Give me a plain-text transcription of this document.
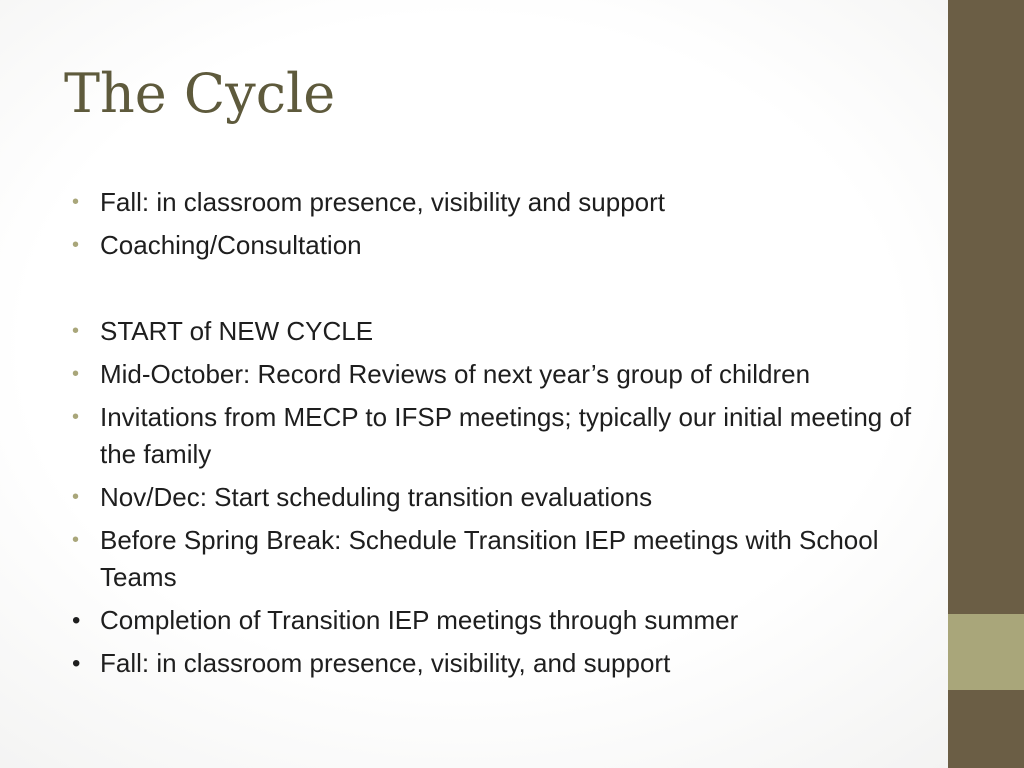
The Cycle
• Fall: in classroom presence, visibility and support
• Coaching/Consultation
• START of NEW CYCLE
• Mid-October: Record Reviews of next year’s group of children
• Invitations from MECP to IFSP meetings; typically our initial meeting of the family
• Nov/Dec: Start scheduling transition evaluations
• Before Spring Break: Schedule Transition IEP meetings with School Teams
• Completion of Transition IEP meetings through summer
• Fall: in classroom presence, visibility, and support
